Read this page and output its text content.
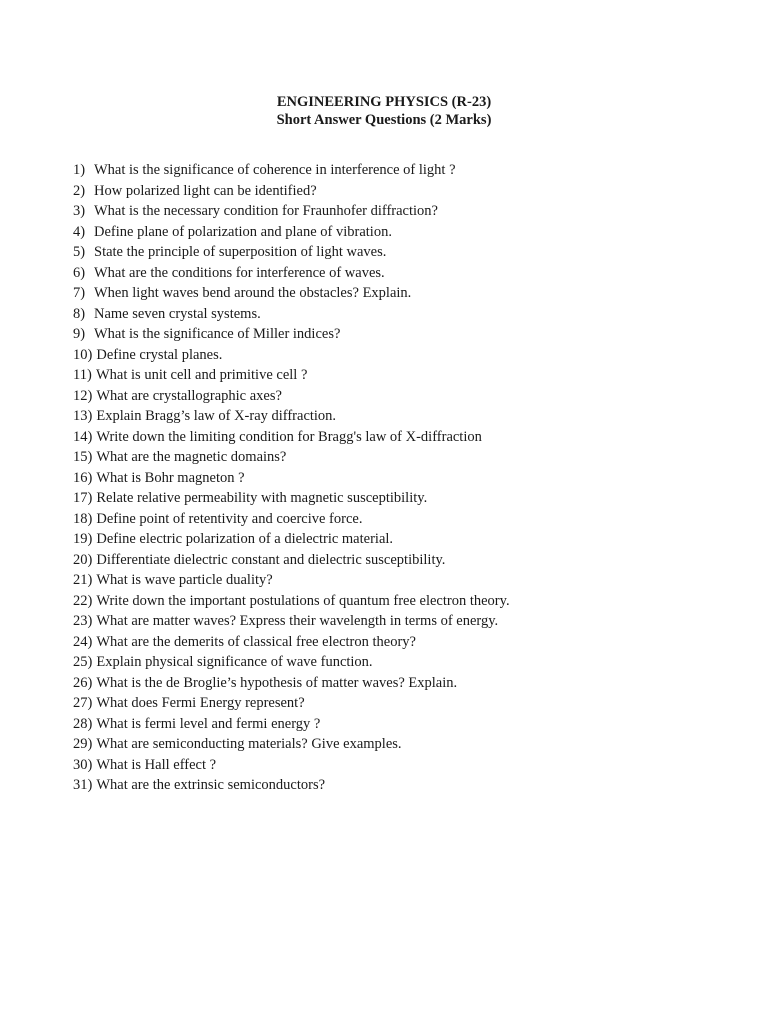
ENGINEERING PHYSICS (R-23)
Short Answer Questions (2 Marks)
1) What is the significance of coherence in interference of light ?
2) How polarized light can be identified?
3) What is the necessary condition for Fraunhofer diffraction?
4) Define plane of polarization and plane of vibration.
5) State the principle of superposition of light waves.
6) What are the conditions for interference of waves.
7) When light waves bend around the obstacles? Explain.
8) Name seven crystal systems.
9) What is the significance of Miller indices?
10) Define crystal planes.
11) What is unit cell and primitive cell ?
12) What are crystallographic axes?
13) Explain Bragg’s law of X-ray diffraction.
14) Write down the limiting condition for Bragg's law of X-diffraction
15) What are the magnetic domains?
16) What is Bohr magneton ?
17) Relate relative permeability with magnetic susceptibility.
18) Define point of retentivity and coercive force.
19) Define electric polarization of a dielectric material.
20) Differentiate dielectric constant and dielectric susceptibility.
21) What is wave particle duality?
22) Write down the important postulations of quantum free electron theory.
23) What are matter waves? Express their wavelength in terms of energy.
24) What are the demerits of classical free electron theory?
25) Explain physical significance of wave function.
26) What is the de Broglie’s hypothesis of matter waves? Explain.
27) What does Fermi Energy represent?
28) What is fermi level and fermi energy ?
29) What are semiconducting materials? Give examples.
30) What is Hall effect ?
31) What are the extrinsic semiconductors?
